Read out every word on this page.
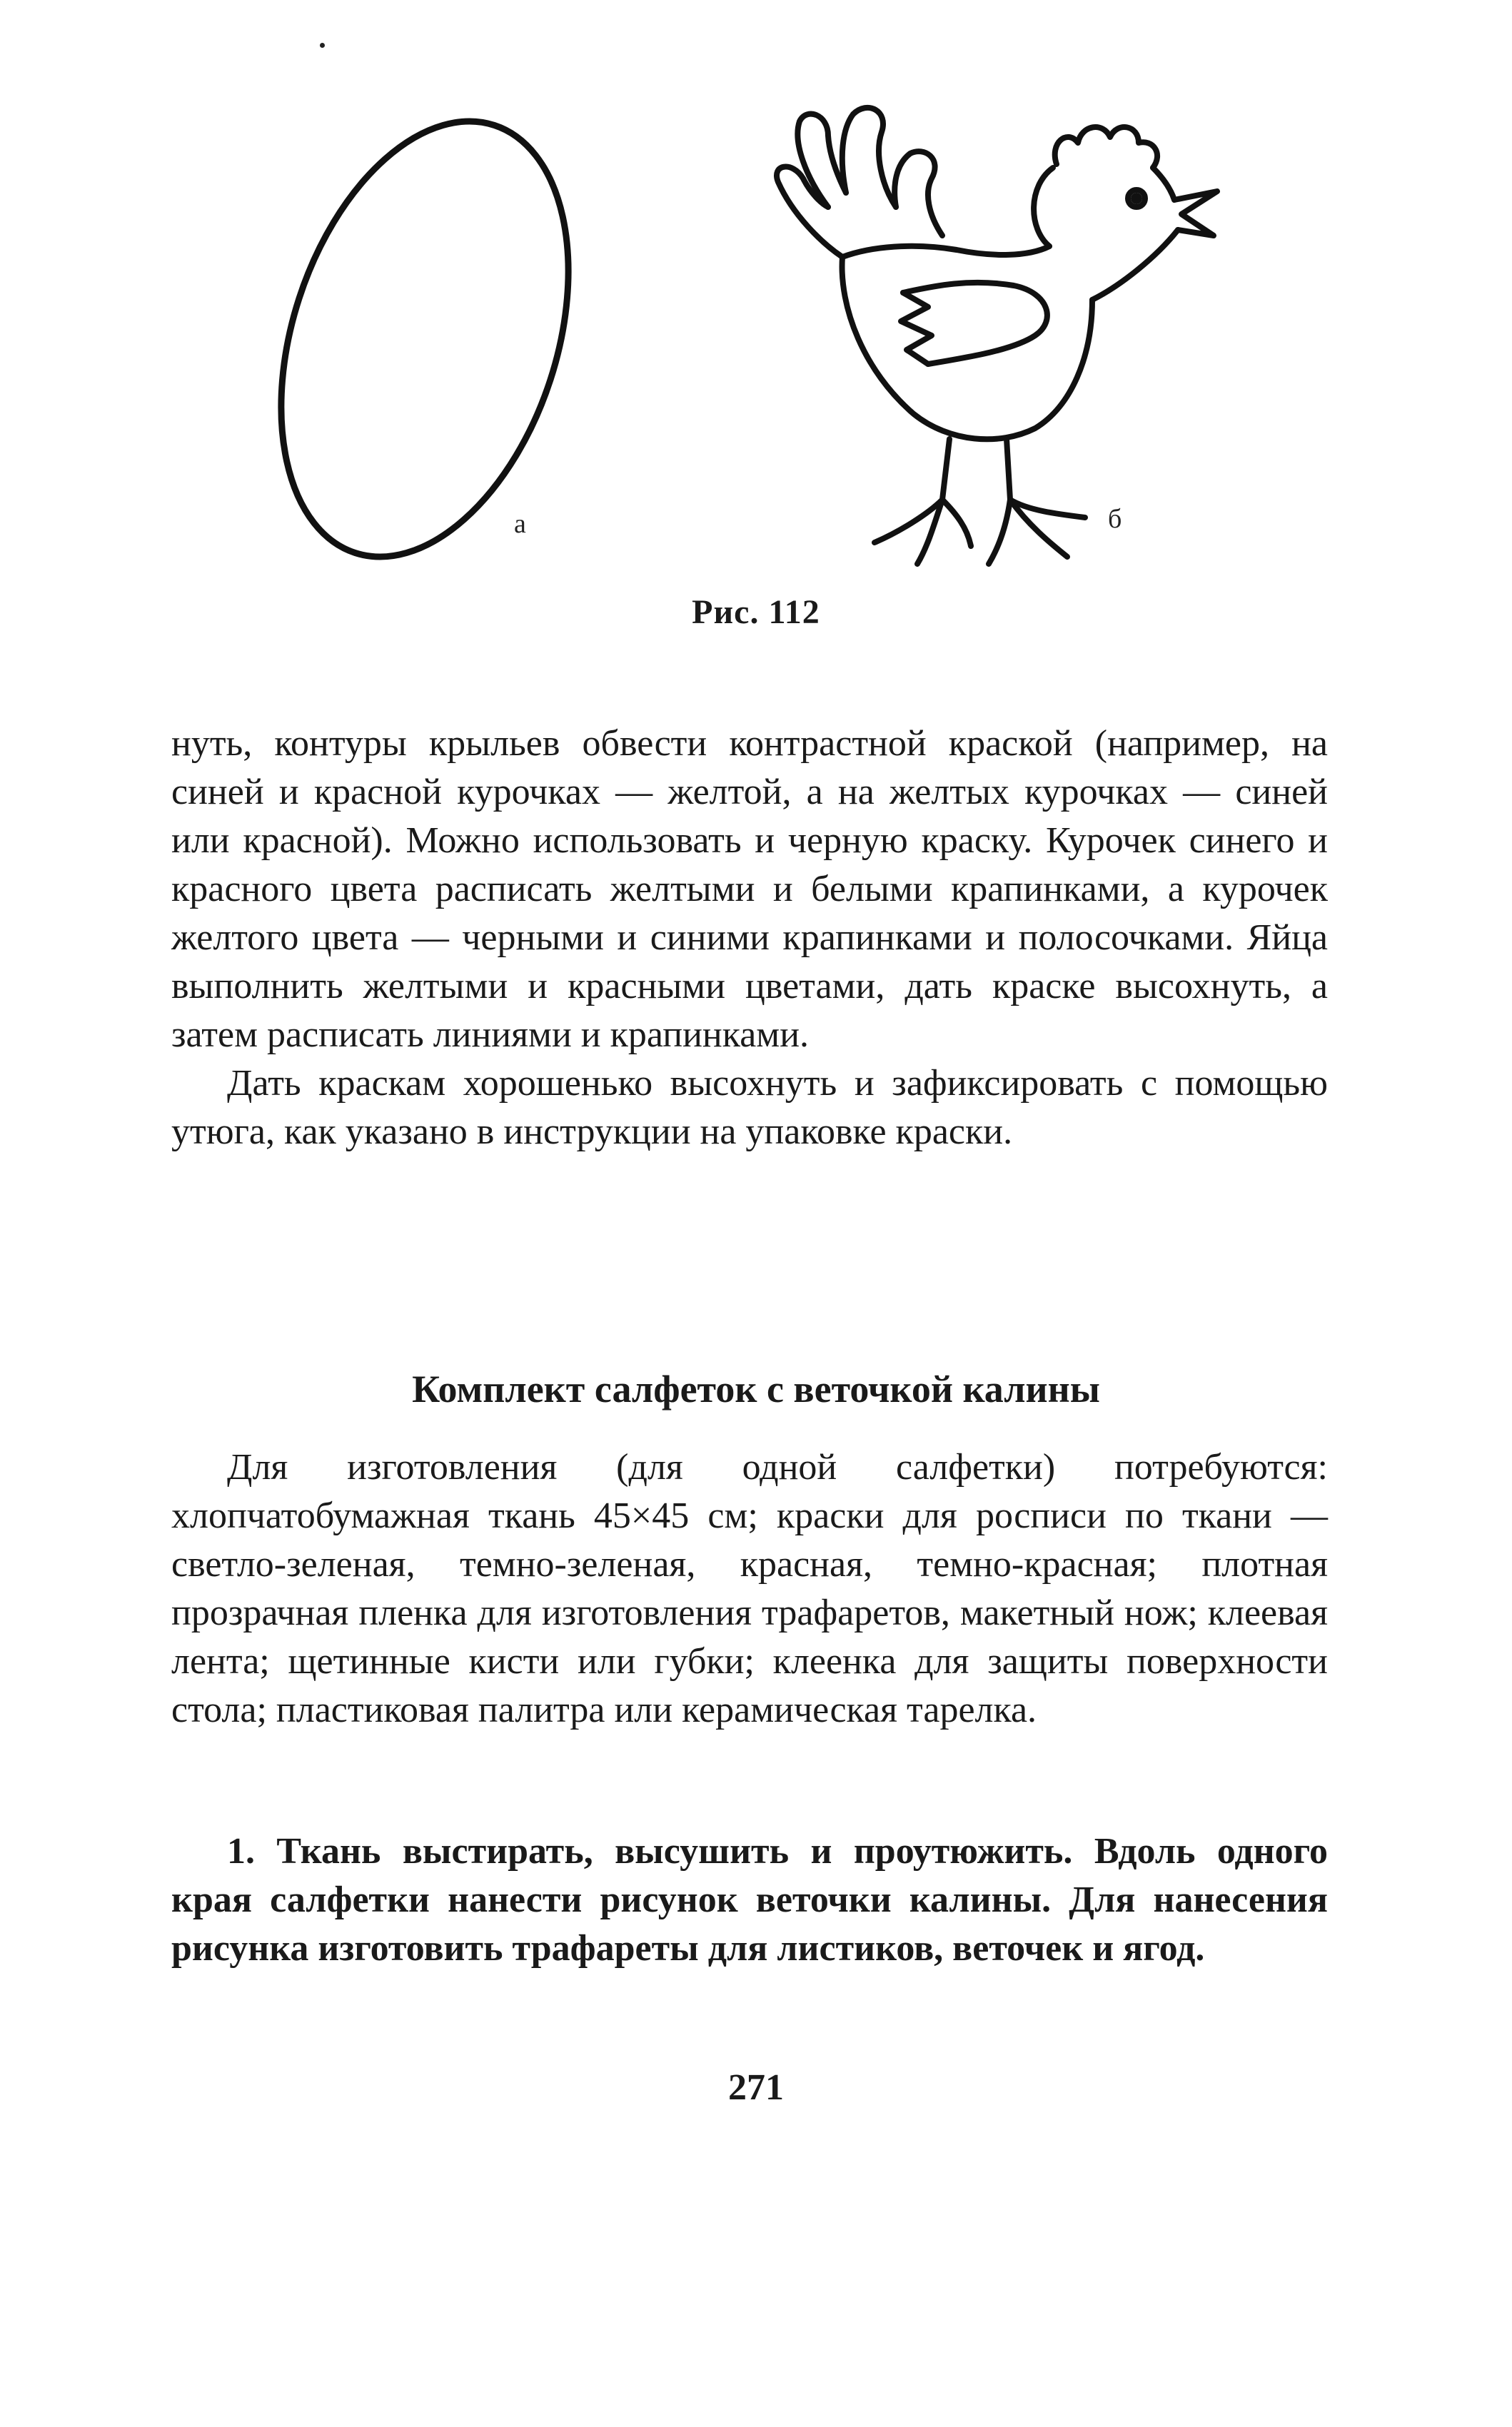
а	б
Рис. 112

нуть, контуры крыльев обвести контрастной краской (например, на синей и красной курочках — желтой, а на желтых курочках — синей или красной). Можно использовать и черную краску. Курочек синего и красного цвета расписать желтыми и белыми крапинками, а курочек желтого цвета — черными и синими крапинками и полосочками. Яйца выполнить желтыми и красными цветами, дать краске высохнуть, а затем расписать линиями и крапинками.

Дать краскам хорошенько высохнуть и зафиксировать с помощью утюга, как указано в инструкции на упаковке краски.

Комплект салфеток с веточкой калины

Для изготовления (для одной салфетки) потребуются: хлопчатобумажная ткань 45×45 см; краски для росписи по ткани — светло-зеленая, темно-зеленая, красная, темно-красная; плотная прозрачная пленка для изготовления трафаретов, макетный нож; клеевая лента; щетинные кисти или губки; клеенка для защиты поверхности стола; пластиковая палитра или керамическая тарелка.

1. Ткань выстирать, высушить и проутюжить. Вдоль одного края салфетки нанести рисунок веточки калины. Для нанесения рисунка изготовить трафареты для листиков, веточек и ягод.

271
